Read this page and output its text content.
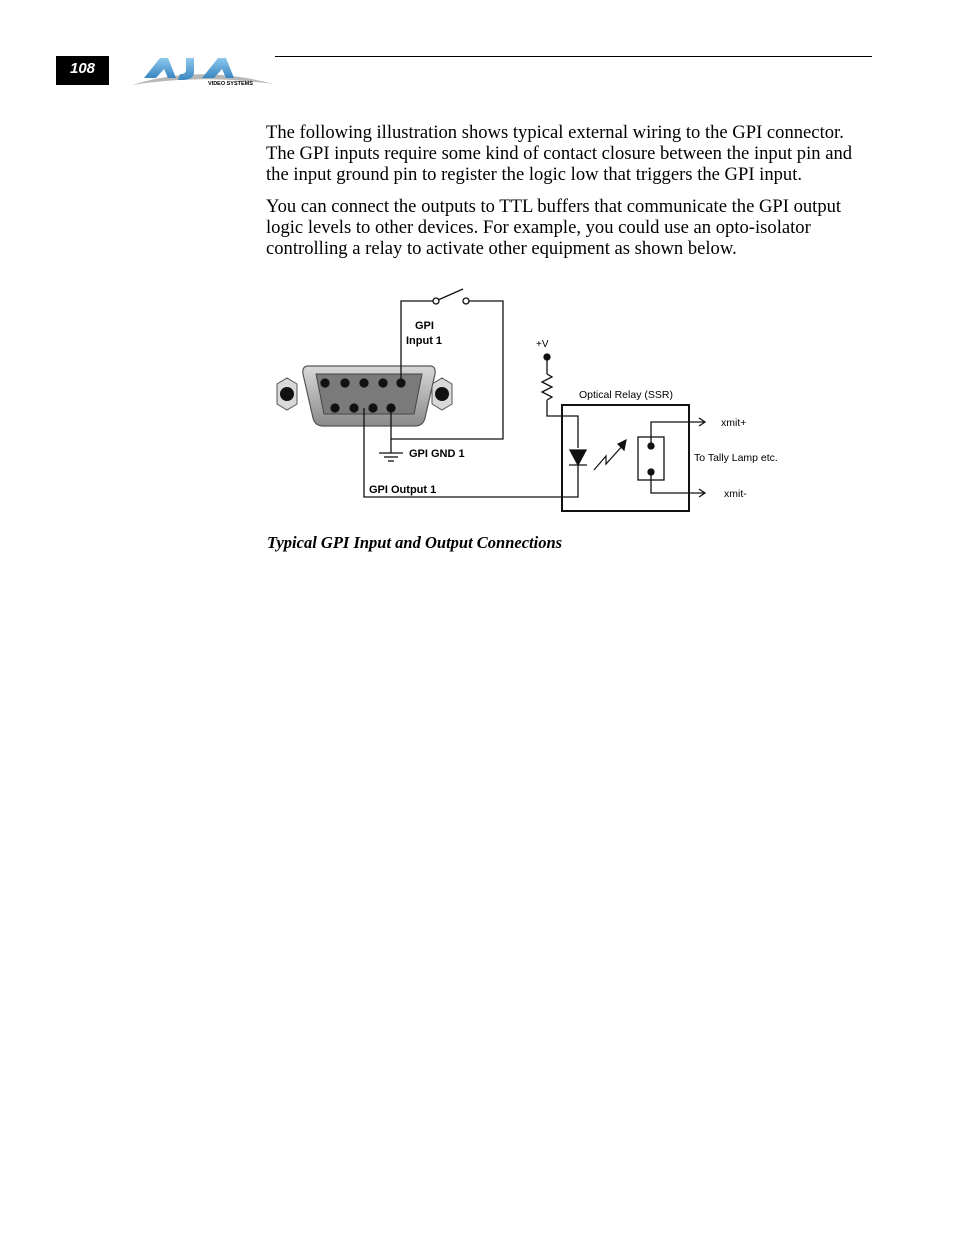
108
VIDEO SYSTEMS

The following illustration shows typical external wiring to the GPI connector. The GPI inputs require some kind of contact closure between the input pin and the input ground pin to register the logic low that triggers the GPI input.

You can connect the outputs to TTL buffers that communicate the GPI output logic levels to other devices. For example, you could use an opto-isolator controlling a relay to activate other equipment as shown below.

GPI
Input 1
GPI GND 1
GPI Output 1
+V
Optical Relay (SSR)
xmit+
To Tally Lamp etc.
xmit-

Typical GPI Input and Output Connections
